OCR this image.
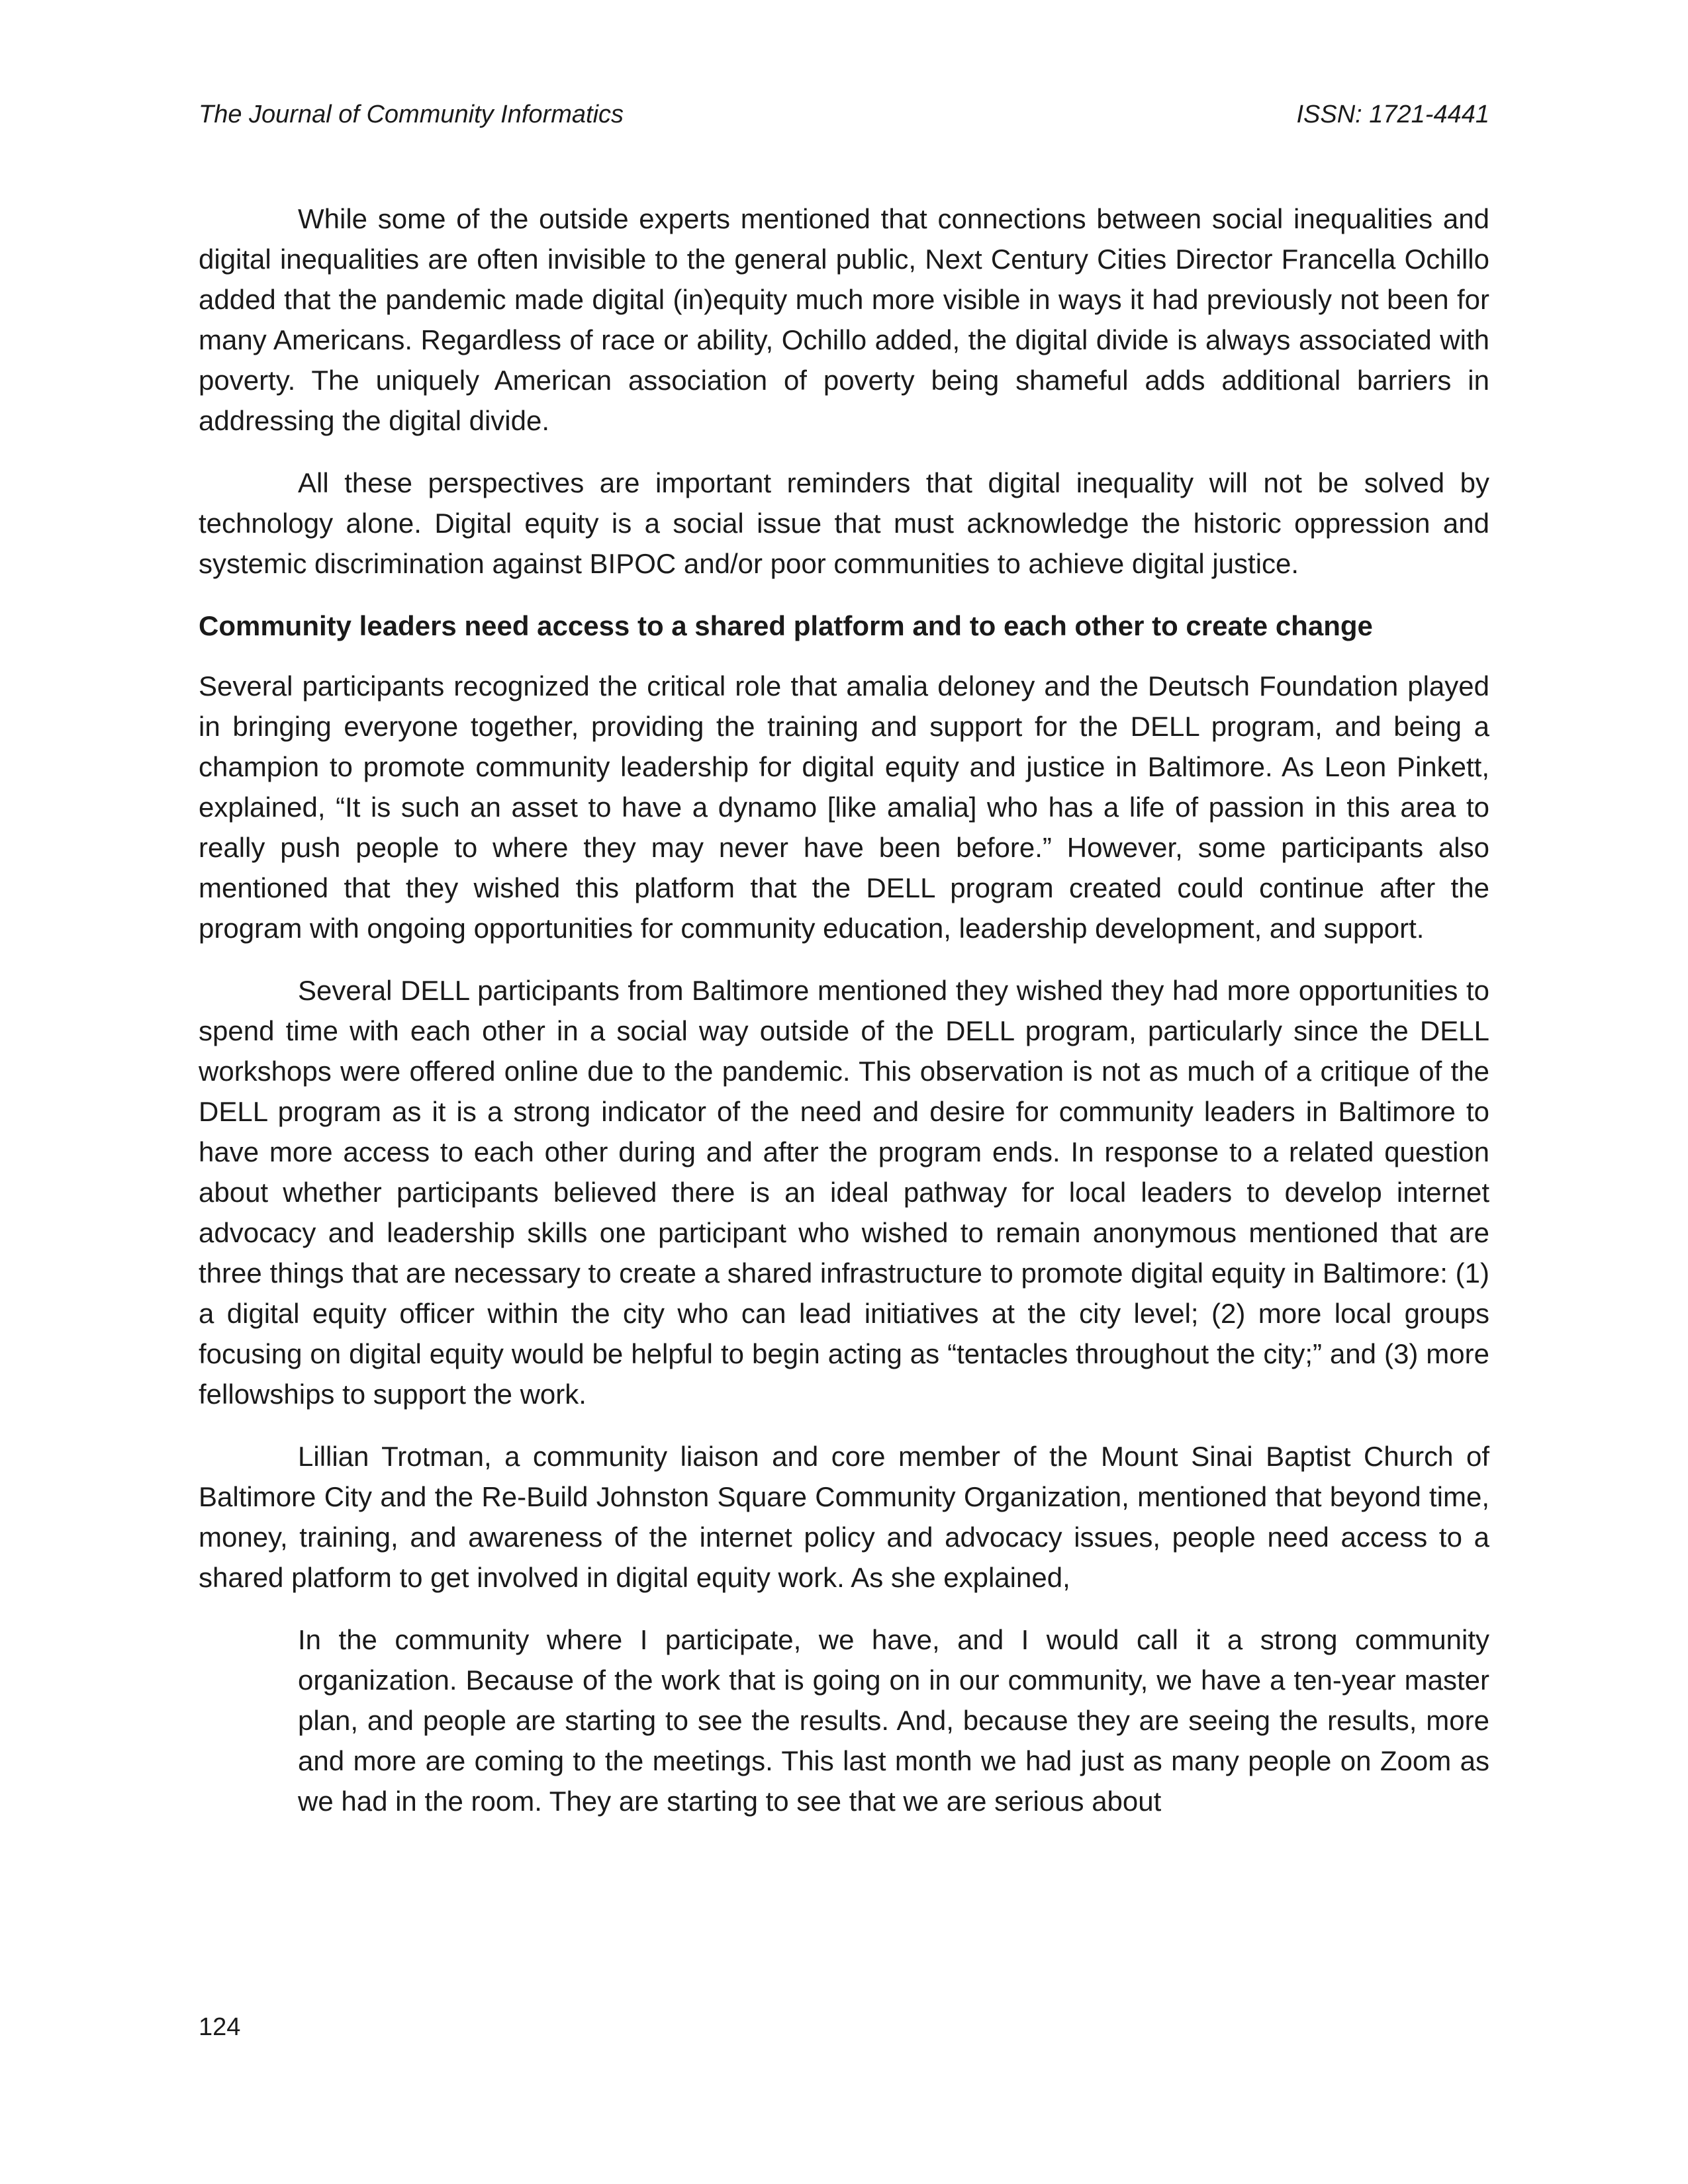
The Journal of Community Informatics	ISSN: 1721-4441

While some of the outside experts mentioned that connections between social inequalities and digital inequalities are often invisible to the general public, Next Century Cities Director Francella Ochillo added that the pandemic made digital (in)equity much more visible in ways it had previously not been for many Americans. Regardless of race or ability, Ochillo added, the digital divide is always associated with poverty. The uniquely American association of poverty being shameful adds additional barriers in addressing the digital divide.

All these perspectives are important reminders that digital inequality will not be solved by technology alone. Digital equity is a social issue that must acknowledge the historic oppression and systemic discrimination against BIPOC and/or poor communities to achieve digital justice.

Community leaders need access to a shared platform and to each other to create change

Several participants recognized the critical role that amalia deloney and the Deutsch Foundation played in bringing everyone together, providing the training and support for the DELL program, and being a champion to promote community leadership for digital equity and justice in Baltimore. As Leon Pinkett, explained, “It is such an asset to have a dynamo [like amalia] who has a life of passion in this area to really push people to where they may never have been before.” However, some participants also mentioned that they wished this platform that the DELL program created could continue after the program with ongoing opportunities for community education, leadership development, and support.

Several DELL participants from Baltimore mentioned they wished they had more opportunities to spend time with each other in a social way outside of the DELL program, particularly since the DELL workshops were offered online due to the pandemic. This observation is not as much of a critique of the DELL program as it is a strong indicator of the need and desire for community leaders in Baltimore to have more access to each other during and after the program ends. In response to a related question about whether participants believed there is an ideal pathway for local leaders to develop internet advocacy and leadership skills one participant who wished to remain anonymous mentioned that are three things that are necessary to create a shared infrastructure to promote digital equity in Baltimore: (1) a digital equity officer within the city who can lead initiatives at the city level; (2) more local groups focusing on digital equity would be helpful to begin acting as “tentacles throughout the city;” and (3) more fellowships to support the work.

Lillian Trotman, a community liaison and core member of the Mount Sinai Baptist Church of Baltimore City and the Re-Build Johnston Square Community Organization, mentioned that beyond time, money, training, and awareness of the internet policy and advocacy issues, people need access to a shared platform to get involved in digital equity work. As she explained,

In the community where I participate, we have, and I would call it a strong community organization. Because of the work that is going on in our community, we have a ten-year master plan, and people are starting to see the results. And, because they are seeing the results, more and more are coming to the meetings. This last month we had just as many people on Zoom as we had in the room. They are starting to see that we are serious about

124
